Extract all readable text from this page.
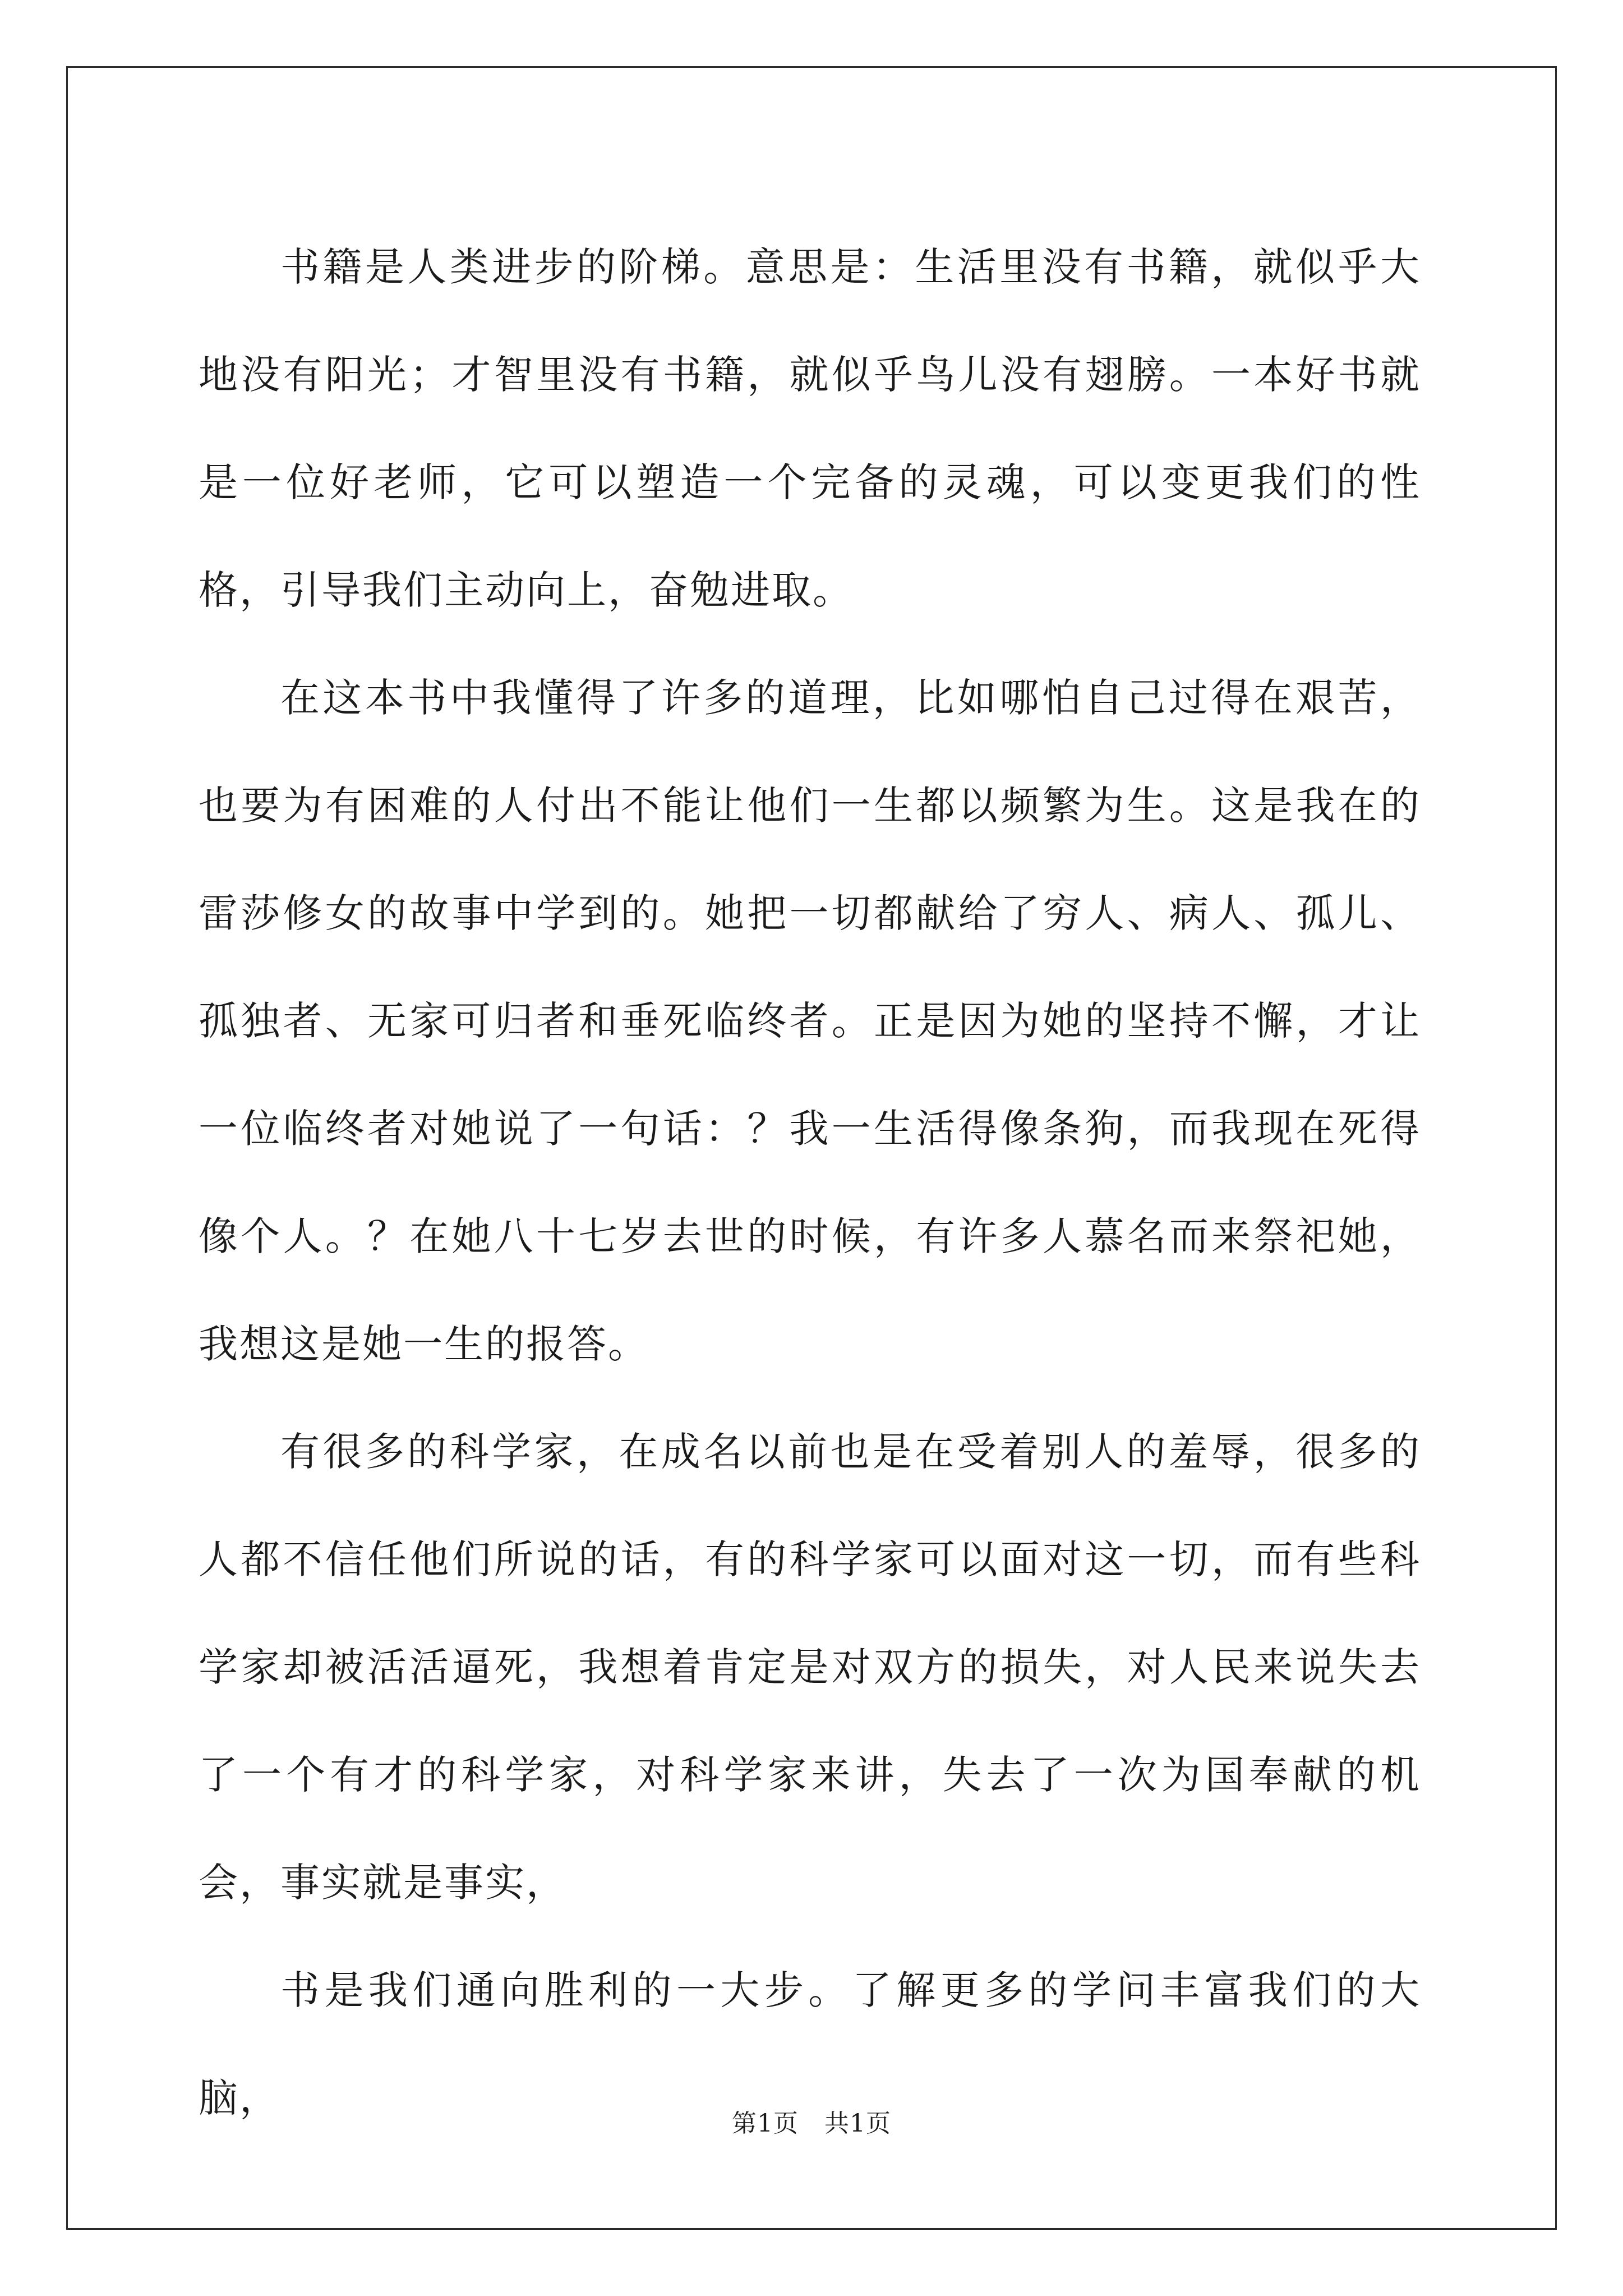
书籍是人类进步的阶梯。意思是：生活里没有书籍，就似乎大地没有阳光；才智里没有书籍，就似乎鸟儿没有翅膀。一本好书就是一位好老师，它可以塑造一个完备的灵魂，可以变更我们的性格，引导我们主动向上，奋勉进取。

在这本书中我懂得了许多的道理，比如哪怕自己过得在艰苦，也要为有困难的人付出不能让他们一生都以频繁为生。这是我在的雷莎修女的故事中学到的。她把一切都献给了穷人、病人、孤儿、孤独者、无家可归者和垂死临终者。正是因为她的坚持不懈，才让一位临终者对她说了一句话：？我一生活得像条狗，而我现在死得像个人。？在她八十七岁去世的时候，有许多人慕名而来祭祀她，我想这是她一生的报答。

有很多的科学家，在成名以前也是在受着别人的羞辱，很多的人都不信任他们所说的话，有的科学家可以面对这一切，而有些科学家却被活活逼死，我想着肯定是对双方的损失，对人民来说失去了一个有才的科学家，对科学家来讲，失去了一次为国奉献的机会，事实就是事实，

书是我们通向胜利的一大步。了解更多的学问丰富我们的大脑，

第1页 共1页
